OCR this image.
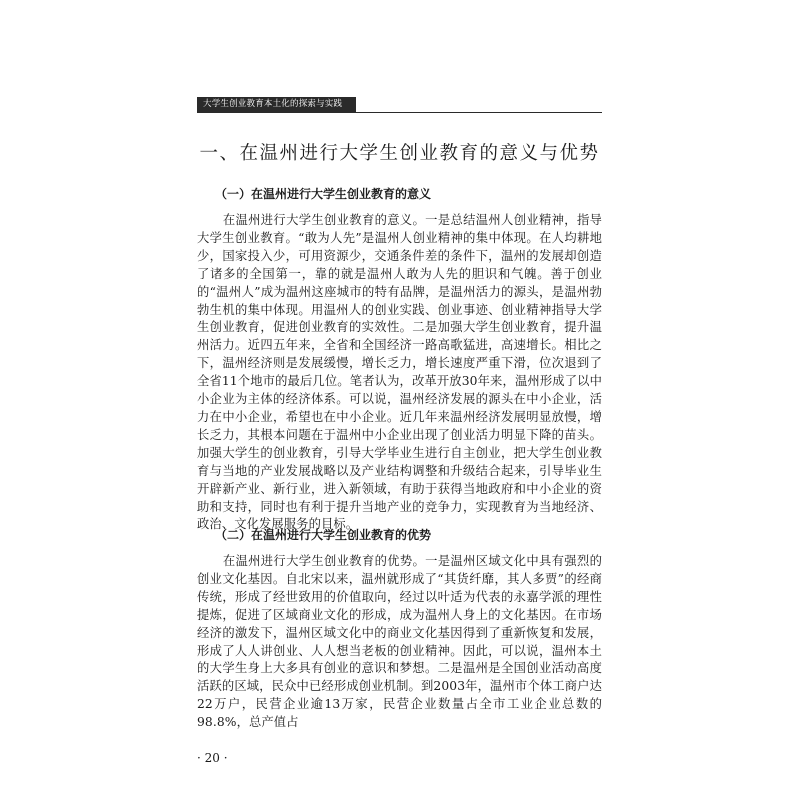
大学生创业教育本土化的探索与实践
一、在温州进行大学生创业教育的意义与优势
（一）在温州进行大学生创业教育的意义

在温州进行大学生创业教育的意义。一是总结温州人创业精神，指导大学生创业教育。“敢为人先”是温州人创业精神的集中体现。在人均耕地少，国家投入少，可用资源少，交通条件差的条件下，温州的发展却创造了诸多的全国第一，靠的就是温州人敢为人先的胆识和气魄。善于创业的“温州人”成为温州这座城市的特有品牌，是温州活力的源头，是温州勃勃生机的集中体现。用温州人的创业实践、创业事迹、创业精神指导大学生创业教育，促进创业教育的实效性。二是加强大学生创业教育，提升温州活力。近四五年来，全省和全国经济一路高歌猛进，高速增长。相比之下，温州经济则是发展缓慢，增长乏力，增长速度严重下滑，位次退到了全省11个地市的最后几位。笔者认为，改革开放30年来，温州形成了以中小企业为主体的经济体系。可以说，温州经济发展的源头在中小企业，活力在中小企业，希望也在中小企业。近几年来温州经济发展明显放慢，增长乏力，其根本问题在于温州中小企业出现了创业活力明显下降的苗头。加强大学生的创业教育，引导大学毕业生进行自主创业，把大学生创业教育与当地的产业发展战略以及产业结构调整和升级结合起来，引导毕业生开辟新产业、新行业，进入新领域，有助于获得当地政府和中小企业的资助和支持，同时也有利于提升当地产业的竞争力，实现教育为当地经济、政治、文化发展服务的目标。

（二）在温州进行大学生创业教育的优势

在温州进行大学生创业教育的优势。一是温州区域文化中具有强烈的创业文化基因。自北宋以来，温州就形成了“其货纤靡，其人多贾”的经商传统，形成了经世致用的价值取向，经过以叶适为代表的永嘉学派的理性提炼，促进了区域商业文化的形成，成为温州人身上的文化基因。在市场经济的激发下，温州区域文化中的商业文化基因得到了重新恢复和发展，形成了人人讲创业、人人想当老板的创业精神。因此，可以说，温州本土的大学生身上大多具有创业的意识和梦想。二是温州是全国创业活动高度活跃的区域，民众中已经形成创业机制。到2003年，温州市个体工商户达22万户，民营企业逾13万家，民营企业数量占全市工业企业总数的98.8%，总产值占

· 20 ·
